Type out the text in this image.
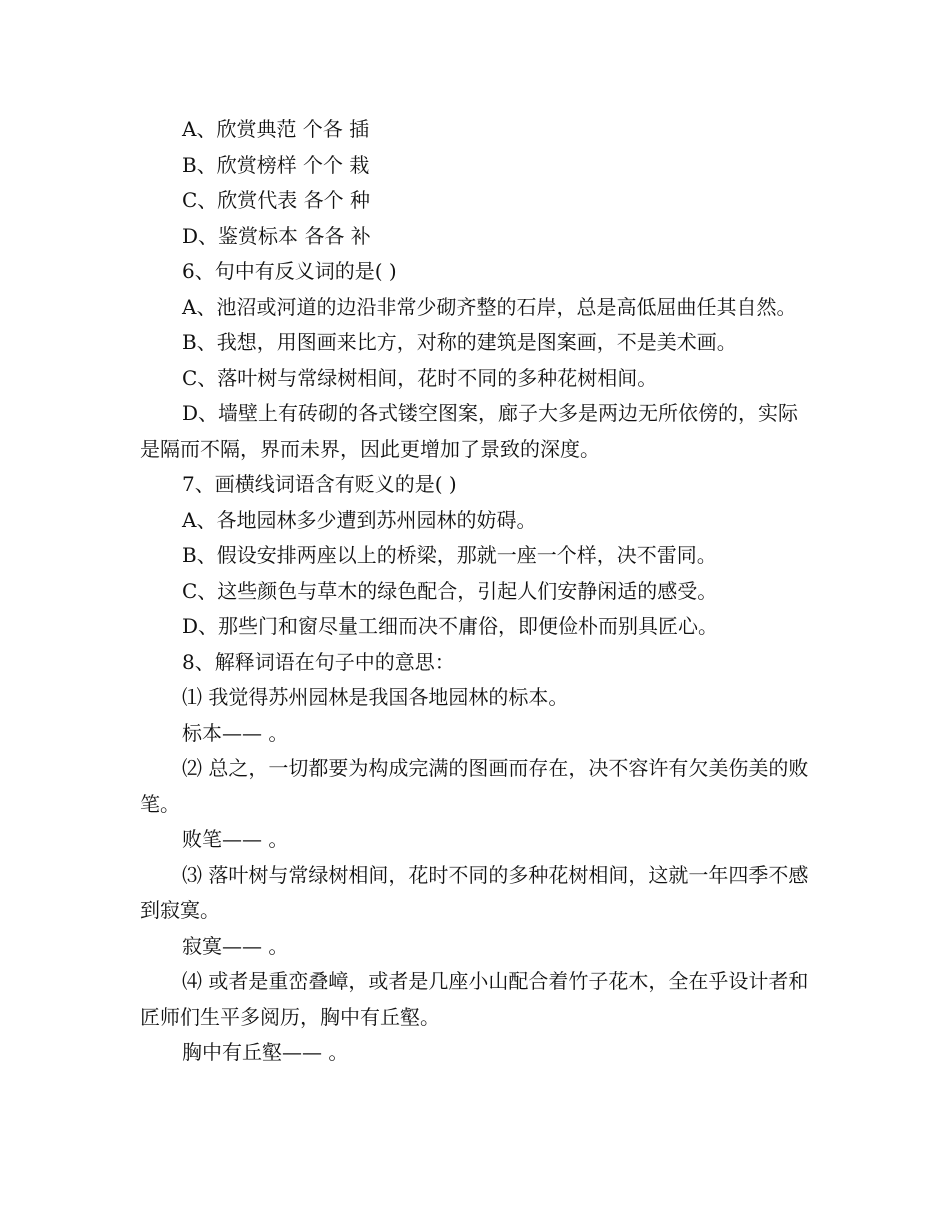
A、欣赏典范 个各 插

B、欣赏榜样 个个 栽

C、欣赏代表 各个 种

D、鉴赏标本 各各 补

6、句中有反义词的是( )

A、池沼或河道的边沿非常少砌齐整的石岸，总是高低屈曲任其自然。

B、我想，用图画来比方，对称的建筑是图案画，不是美术画。

C、落叶树与常绿树相间，花时不同的多种花树相间。

D、墙壁上有砖砌的各式镂空图案，廊子大多是两边无所依傍的，实际是隔而不隔，界而未界，因此更增加了景致的深度。

7、画横线词语含有贬义的是( )

A、各地园林多少遭到苏州园林的妨碍。

B、假设安排两座以上的桥梁，那就一座一个样，决不雷同。

C、这些颜色与草木的绿色配合，引起人们安静闲适的感受。

D、那些门和窗尽量工细而决不庸俗，即便俭朴而别具匠心。

8、解释词语在句子中的意思：

⑴ 我觉得苏州园林是我国各地园林的标本。

标本—— 。

⑵ 总之，一切都要为构成完满的图画而存在，决不容许有欠美伤美的败笔。

败笔—— 。

⑶ 落叶树与常绿树相间，花时不同的多种花树相间，这就一年四季不感到寂寞。

寂寞—— 。

⑷ 或者是重峦叠嶂，或者是几座小山配合着竹子花木，全在乎设计者和匠师们生平多阅历，胸中有丘壑。

胸中有丘壑—— 。
